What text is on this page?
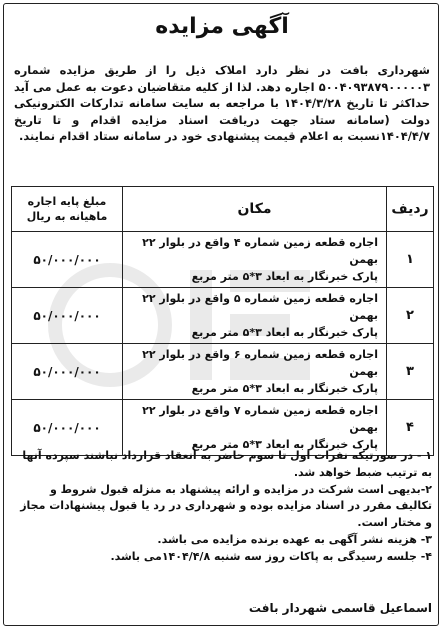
آگهی مزایده
شهرداری بافت در نظر دارد املاک ذیل را از طریق مزایده شماره ۵۰۰۴۰۹۳۸۷۹۰۰۰۰۰۳ اجاره دهد. لذا از کلیه متقاضیان دعوت به عمل می آید حداکثر تا تاریخ ۱۴۰۴/۳/۲۸ با مراجعه به سایت سامانه تدارکات الکترونیکی دولت (سامانه ستاد جهت دریافت اسناد مزایده اقدام و تا تاریخ ۱۴۰۴/۴/۷نسبت به اعلام قیمت پیشنهادی خود در سامانه ستاد اقدام نمایند.
ردیف	مکان	مبلغ پایه اجاره
ماهیانه به ریال
۱	اجاره قطعه زمین شماره ۴ واقع در بلوار ۲۲ بهمن
پارک خبرنگار به ابعاد ۳*۵ متر مربع	۵۰/۰۰۰/۰۰۰
۲	اجاره قطعه زمین شماره ۵ واقع در بلوار ۲۲ بهمن
پارک خبرنگار به ابعاد ۳*۵ متر مربع	۵۰/۰۰۰/۰۰۰
۳	اجاره قطعه زمین شماره ۶ واقع در بلوار ۲۲ بهمن
پارک خبرنگار به ابعاد ۳*۵ متر مربع	۵۰/۰۰۰/۰۰۰
۴	اجاره قطعه زمین شماره ۷ واقع در بلوار ۲۲ بهمن
پارک خبرنگار به ابعاد ۳*۵ متر مربع	۵۰/۰۰۰/۰۰۰

۱ - در صورتیکه نفرات اول تا سوم حاضر به انعقاد قرارداد نباشند سپرده آنها به ترتیب ضبط خواهد شد.

۲-بدیهی است شرکت در مزایده و ارائه پیشنهاد به منزله قبول شروط و تکالیف مقرر در اسناد مزایده بوده و شهرداری در رد یا قبول پیشنهادات مجاز و مختار است.

۳- هزینه نشر آگهی به عهده برنده مزایده می باشد.

۴- جلسه رسیدگی به پاکات روز سه شنبه ۱۴۰۴/۴/۸می باشد.

اسماعیل قاسمی شهردار بافت
